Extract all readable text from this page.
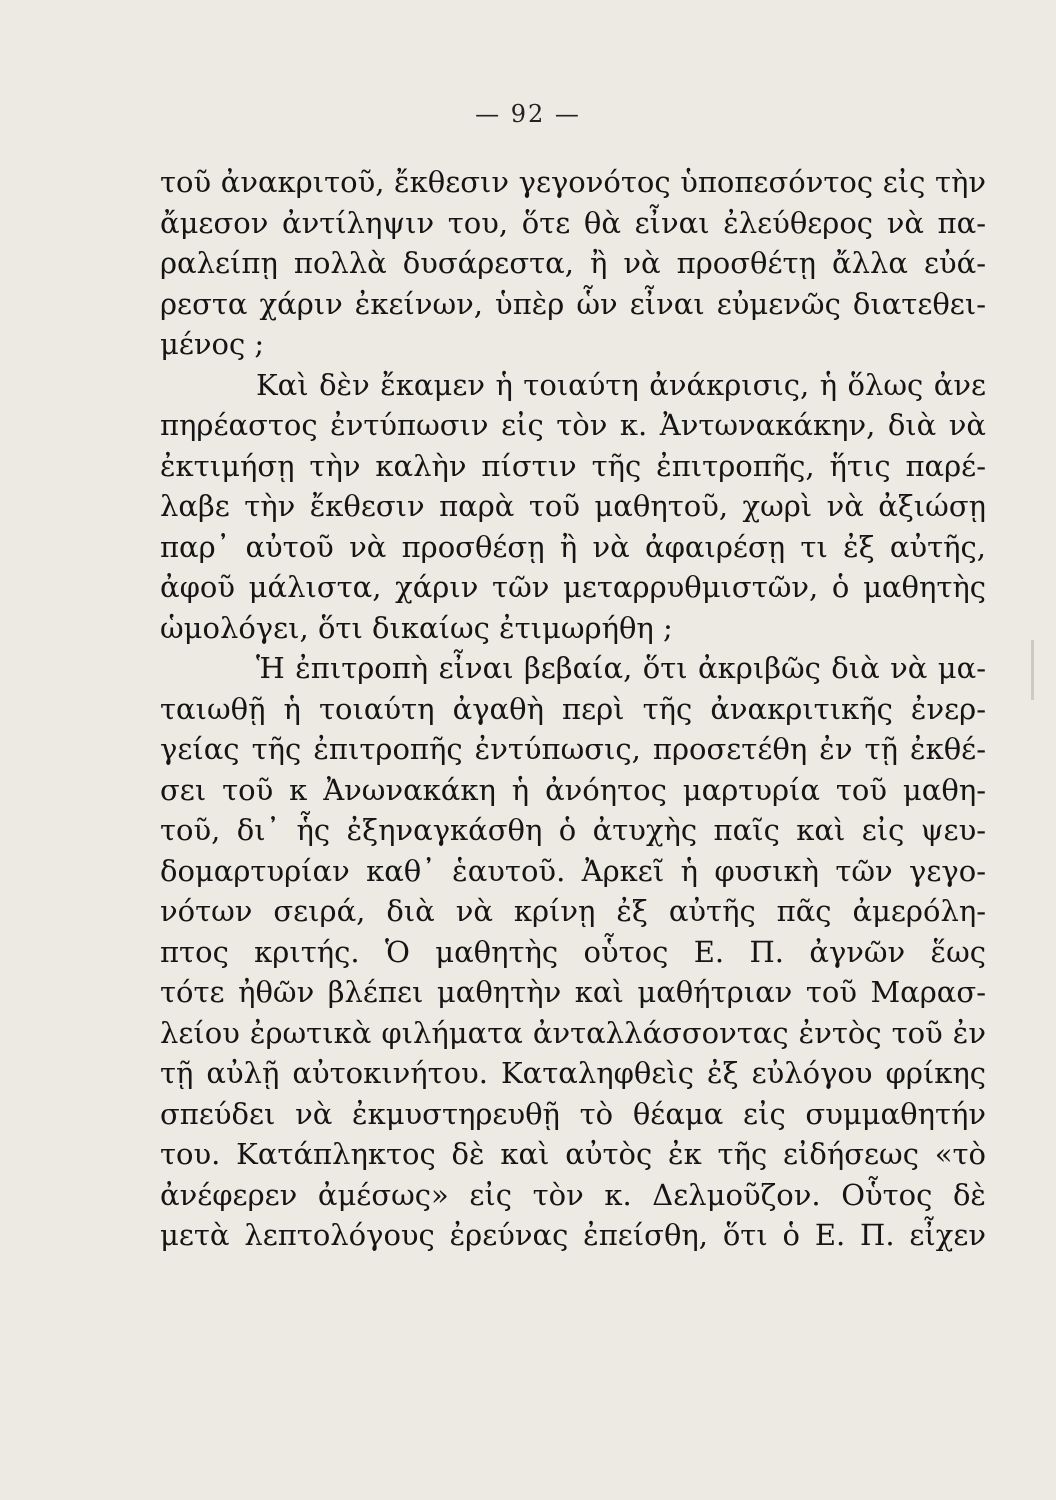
— 92 —
τοῦ ἀνακριτοῦ, ἔκθεσιν γεγονότος ὑποπεσόντος εἰς τὴν
ἄμεσον ἀντίληψιν του, ὅτε θὰ εἶναι ἐλεύθερος νὰ πα-
ραλείπῃ πολλὰ δυσάρεστα, ἢ νὰ προσθέτῃ ἄλλα εὐά-
ρεστα χάριν ἐκείνων, ὑπὲρ ὧν εἶναι εὐμενῶς διατεθει-
μένος ;
Καὶ δὲν ἔκαμεν ἡ τοιαύτη ἀνάκρισις, ἡ ὅλως ἀνε
πηρέαστος ἐντύπωσιν εἰς τὸν κ. Ἀντωνακάκην, διὰ νὰ
ἐκτιμήσῃ τὴν καλὴν πίστιν τῆς ἐπιτροπῆς, ἥτις παρέ-
λαβε τὴν ἔκθεσιν παρὰ τοῦ μαθητοῦ, χωρὶ νὰ ἀξιώσῃ
παρ᾽ αὐτοῦ νὰ προσθέσῃ ἢ νὰ ἀφαιρέσῃ τι ἐξ αὐτῆς,
ἀφοῦ μάλιστα, χάριν τῶν μεταρρυθμιστῶν, ὁ μαθητὴς
ὡμολόγει, ὅτι δικαίως ἐτιμωρήθη ;
Ἡ ἐπιτροπὴ εἶναι βεβαία, ὅτι ἀκριβῶς διὰ νὰ μα-
ταιωθῇ ἡ τοιαύτη ἀγαθὴ περὶ τῆς ἀνακριτικῆς ἐνερ-
γείας τῆς ἐπιτροπῆς ἐντύπωσις, προσετέθη ἐν τῇ ἐκθέ-
σει τοῦ κ Ἀνωνακάκη ἡ ἀνόητος μαρτυρία τοῦ μαθη-
τοῦ, δι᾽ ἧς ἐξηναγκάσθη ὁ ἀτυχὴς παῖς καὶ εἰς ψευ-
δομαρτυρίαν καθ᾽ ἑαυτοῦ. Ἀρκεῖ ἡ φυσικὴ τῶν γεγο-
νότων σειρά, διὰ νὰ κρίνῃ ἐξ αὐτῆς πᾶς ἀμερόλη-
πτος κριτής. Ὁ μαθητὴς οὗτος Ε. Π. ἀγνῶν ἕως
τότε ἠθῶν βλέπει μαθητὴν καὶ μαθήτριαν τοῦ Μαρασ-
λείου ἐρωτικὰ φιλήματα ἀνταλλάσσοντας ἐντὸς τοῦ ἐν
τῇ αὐλῇ αὐτοκινήτου. Καταληφθεὶς ἐξ εὐλόγου φρίκης
σπεύδει νὰ ἐκμυστηρευθῇ τὸ θέαμα εἰς συμμαθητήν
του. Κατάπληκτος δὲ καὶ αὐτὸς ἐκ τῆς εἰδήσεως «τὸ
ἀνέφερεν ἀμέσως» εἰς τὸν κ. Δελμοῦζον. Οὗτος δὲ
μετὰ λεπτολόγους ἐρεύνας ἐπείσθη, ὅτι ὁ Ε. Π. εἶχεν
